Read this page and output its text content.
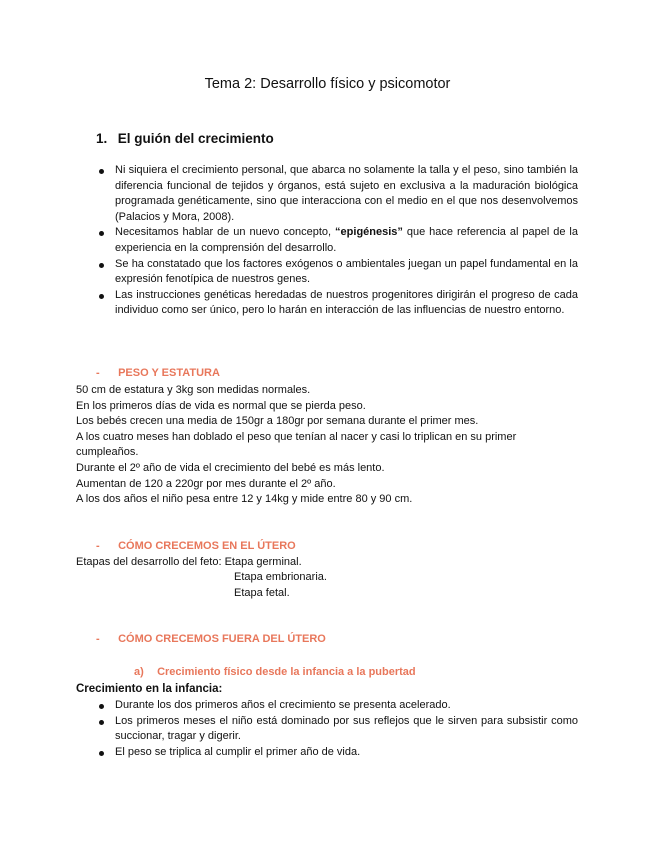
Tema 2: Desarrollo físico y psicomotor
1. El guión del crecimiento
Ni siquiera el crecimiento personal, que abarca no solamente la talla y el peso, sino también la diferencia funcional de tejidos y órganos, está sujeto en exclusiva a la maduración biológica programada genéticamente, sino que interacciona con el medio en el que nos desenvolvemos (Palacios y Mora, 2008).
Necesitamos hablar de un nuevo concepto, “epigénesis” que hace referencia al papel de la experiencia en la comprensión del desarrollo.
Se ha constatado que los factores exógenos o ambientales juegan un papel fundamental en la expresión fenotípica de nuestros genes.
Las instrucciones genéticas heredadas de nuestros progenitores dirigirán el progreso de cada individuo como ser único, pero lo harán en interacción de las influencias de nuestro entorno.
- PESO Y ESTATURA

50 cm de estatura y 3kg son medidas normales.

En los primeros días de vida es normal que se pierda peso.

Los bebés crecen una media de 150gr a 180gr por semana durante el primer mes.

A los cuatro meses han doblado el peso que tenían al nacer y casi lo triplican en su primer cumpleaños.

Durante el 2º año de vida el crecimiento del bebé es más lento.

Aumentan de 120 a 220gr por mes durante el 2º año.

A los dos años el niño pesa entre 12 y 14kg y mide entre 80 y 90 cm.

- CÓMO CRECEMOS EN EL ÚTERO

Etapas del desarrollo del feto: Etapa germinal.

Etapa embrionaria.
Etapa fetal.
- CÓMO CRECEMOS FUERA DEL ÚTERO
a) Crecimiento físico desde la infancia a la pubertad
Crecimiento en la infancia:
Durante los dos primeros años el crecimiento se presenta acelerado.
Los primeros meses el niño está dominado por sus reflejos que le sirven para subsistir como succionar, tragar y digerir.
El peso se triplica al cumplir el primer año de vida.
